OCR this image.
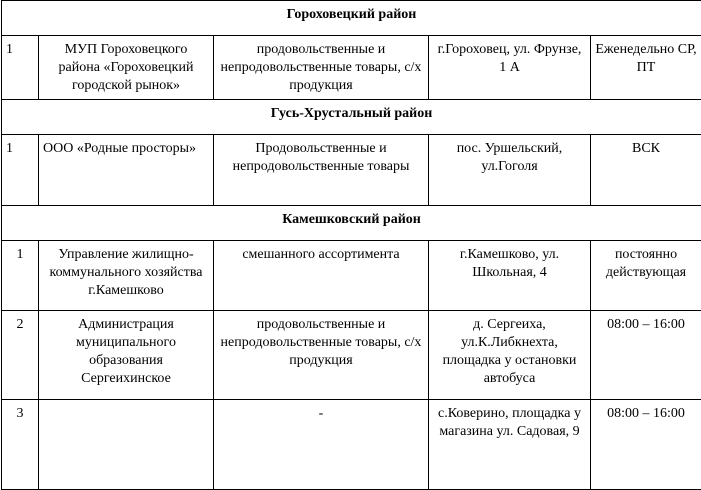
Гороховецкий район				
1	МУП Гороховецкого района «Гороховецкий городской рынок»	продовольственные и непродовольственные товары, с/х продукция	г.Гороховец, ул. Фрунзе, 1 А	Еженедельно СР, ПТ
Гусь-Хрустальный район				
1	ООО «Родные просторы»	Продовольственные и непродовольственные товары	пос. Уршельский, ул.Гоголя	ВСК
Камешковский район				
1	Управление жилищно-коммунального хозяйства г.Камешково	смешанного ассортимента	г.Камешково, ул. Школьная, 4	постоянно действующая
2	Администрация муниципального образования Сергеихинское	продовольственные и непродовольственные товары, с/х продукция	д. Сергеиха, ул.К.Либкнехта, площадка у остановки автобуса	08:00 – 16:00
3		-	с.Коверино, площадка у магазина ул. Садовая, 9	08:00 – 16:00
